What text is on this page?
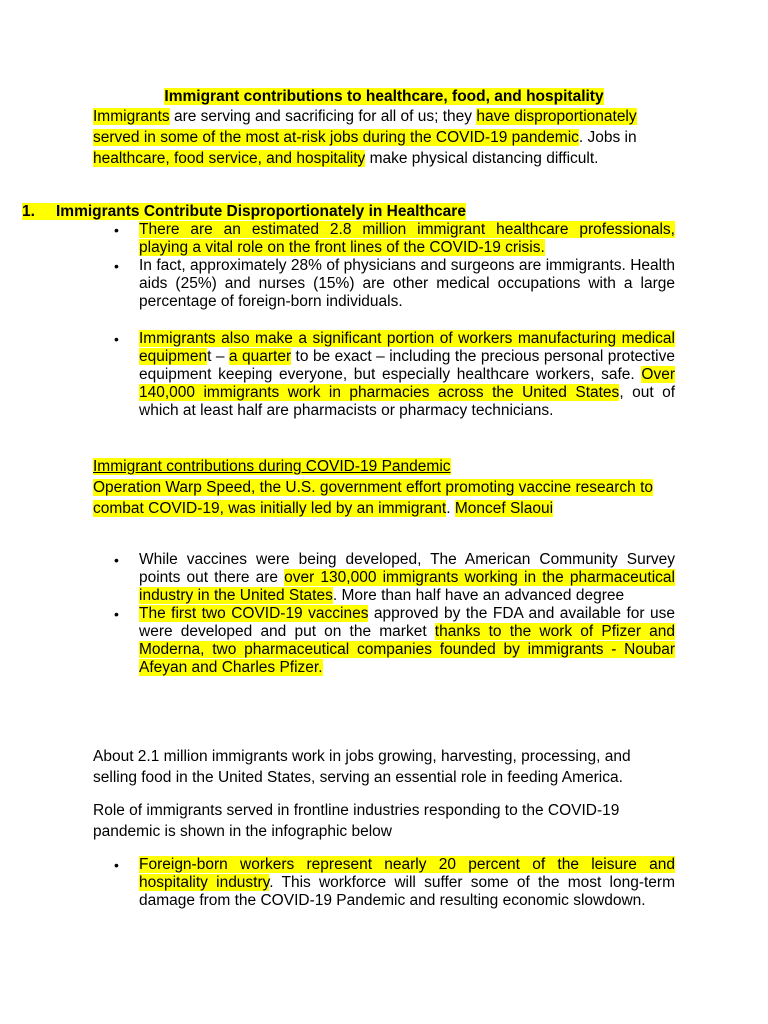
Immigrant contributions to healthcare, food, and hospitality
Immigrants are serving and sacrificing for all of us; they have disproportionately served in some of the most at-risk jobs during the COVID-19 pandemic. Jobs in healthcare, food service, and hospitality make physical distancing difficult.
1. Immigrants Contribute Disproportionately in Healthcare
• There are an estimated 2.8 million immigrant healthcare professionals, playing a vital role on the front lines of the COVID-19 crisis.
• In fact, approximately 28% of physicians and surgeons are immigrants. Health aids (25%) and nurses (15%) are other medical occupations with a large percentage of foreign-born individuals.
• Immigrants also make a significant portion of workers manufacturing medical equipment – a quarter to be exact – including the precious personal protective equipment keeping everyone, but especially healthcare workers, safe. Over 140,000 immigrants work in pharmacies across the United States, out of which at least half are pharmacists or pharmacy technicians.
Immigrant contributions during COVID-19 Pandemic
Operation Warp Speed, the U.S. government effort promoting vaccine research to combat COVID-19, was initially led by an immigrant. Moncef Slaoui
• While vaccines were being developed, The American Community Survey points out there are over 130,000 immigrants working in the pharmaceutical industry in the United States. More than half have an advanced degree
• The first two COVID-19 vaccines approved by the FDA and available for use were developed and put on the market thanks to the work of Pfizer and Moderna, two pharmaceutical companies founded by immigrants - Noubar Afeyan and Charles Pfizer.
About 2.1 million immigrants work in jobs growing, harvesting, processing, and selling food in the United States, serving an essential role in feeding America.
Role of immigrants served in frontline industries responding to the COVID-19 pandemic is shown in the infographic below
• Foreign-born workers represent nearly 20 percent of the leisure and hospitality industry. This workforce will suffer some of the most long-term damage from the COVID-19 Pandemic and resulting economic slowdown.
